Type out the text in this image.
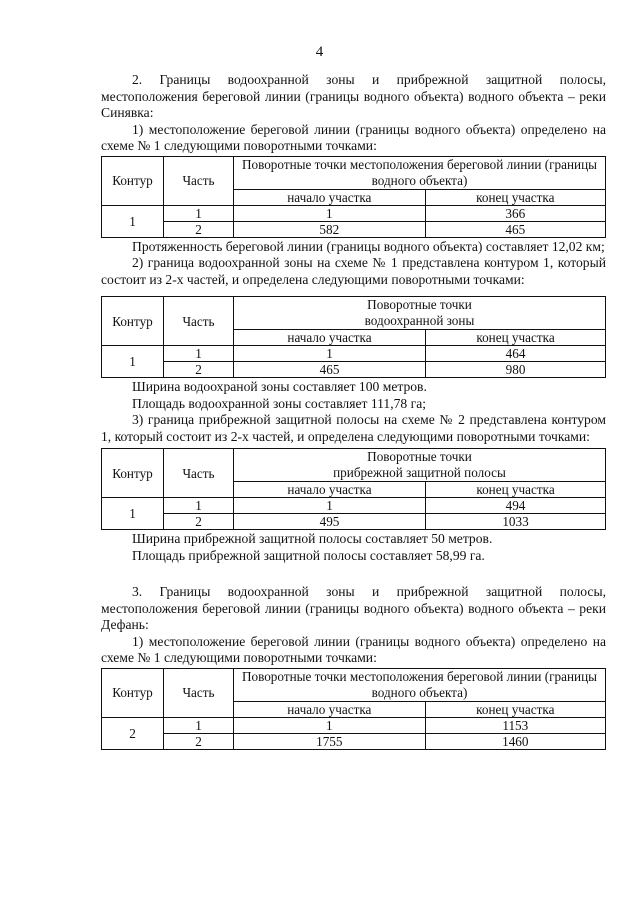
4

2. Границы водоохранной зоны и прибрежной защитной полосы, местоположения береговой линии (границы водного объекта) водного объекта – реки Синявка:

1) местоположение береговой линии (границы водного объекта) определено на схеме № 1 следующими поворотными точками:

Контур	Часть	Поворотные точки местоположения береговой линии (границы водного объекта)	
		начало участка	конец участка
1	1	1	366
	2	582	465

Протяженность береговой линии (границы водного объекта) составляет 12,02 км;

2) граница водоохранной зоны на схеме № 1 представлена контуром 1, который состоит из 2-х частей, и определена следующими поворотными точками:

Контур	Часть	Поворотные точки
водоохранной зоны	
		начало участка	конец участка
1	1	1	464
	2	465	980

Ширина водоохраной зоны составляет 100 метров.

Площадь водоохранной зоны составляет 111,78 га;

3) граница прибрежной защитной полосы на схеме № 2 представлена контуром 1, который состоит из 2-х частей, и определена следующими поворотными точками:

Контур	Часть	Поворотные точки
прибрежной защитной полосы	
		начало участка	конец участка
1	1	1	494
	2	495	1033

Ширина прибрежной защитной полосы составляет 50 метров.

Площадь прибрежной защитной полосы составляет 58,99 га.

3. Границы водоохранной зоны и прибрежной защитной полосы, местоположения береговой линии (границы водного объекта) водного объекта – реки Дефань:

1) местоположение береговой линии (границы водного объекта) определено на схеме № 1 следующими поворотными точками:

Контур	Часть	Поворотные точки местоположения береговой линии (границы водного объекта)	
		начало участка	конец участка
2	1	1	1153
	2	1755	1460
